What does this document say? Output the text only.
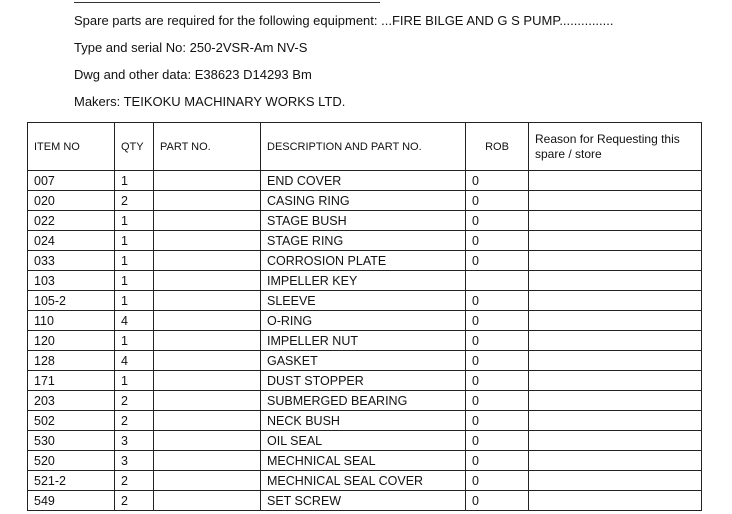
Spare parts are required for the following equipment: ...FIRE BILGE AND G S PUMP...............
Type and serial No: 250-2VSR-Am NV-S
Dwg and other data: E38623 D14293 Bm
Makers: TEIKOKU MACHINARY WORKS LTD.
ITEM NO	QTY	PART NO.	DESCRIPTION AND PART NO.	ROB	Reason for Requesting this spare / store
007	1		END COVER	0	
020	2		CASING RING	0	
022	1		STAGE BUSH	0	
024	1		STAGE RING	0	
033	1		CORROSION PLATE	0	
103	1		IMPELLER KEY		
105-2	1		SLEEVE	0	
110	4		O-RING	0	
120	1		IMPELLER NUT	0	
128	4		GASKET	0	
171	1		DUST STOPPER	0	
203	2		SUBMERGED BEARING	0	
502	2		NECK BUSH	0	
530	3		OIL SEAL	0	
520	3		MECHNICAL SEAL	0	
521-2	2		MECHNICAL SEAL COVER	0	
549	2		SET SCREW	0	
